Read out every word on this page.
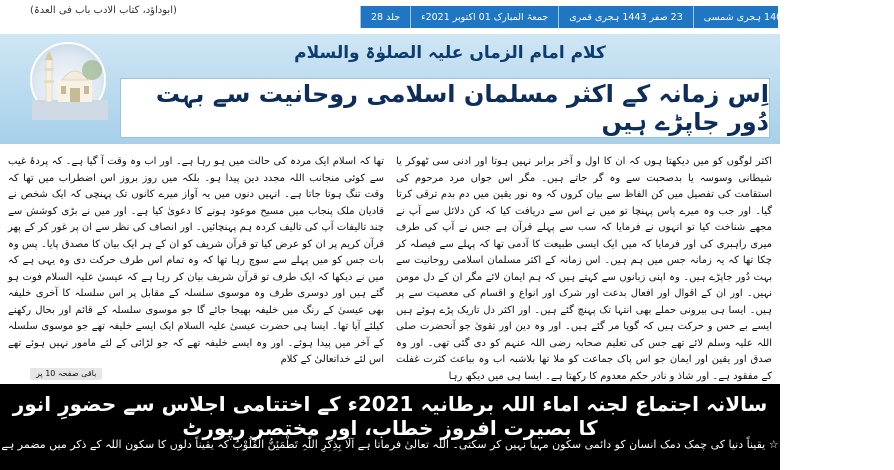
(ابوداؤد، کتاب الادب باب فی العدۃ)
جلد 28	جمعۃ المبارک 01 اکتوبر 2021ء	23 صفر 1443 ہجری قمری	01 اخاء 1400 ہجری شمسی	شمارہ 79
کلام امام الزماں علیہ الصلوٰۃ والسلام
اِس زمانہ کے اکثر مسلمان اسلامی روحانیت سے بہت دُور جاپڑے ہیں
اکثر لوگوں کو میں دیکھتا ہوں کہ ان کا اول و آخر برابر نہیں ہوتا اور ادنی سی ٹھوکر یا شیطانی وسوسہ یا بدصحبت سے وہ گر جاتے ہیں۔ مگر اس جواں مرد مرحوم کی استقامت کی تفصیل میں کن الفاظ سے بیان کروں کہ وہ نور یقین میں دم بدم ترقی کرتا گیا۔ اور جب وہ میرے پاس پہنچا تو میں نے اس سے دریافت کیا کہ کن دلائل سے آپ نے مجھے شناخت کیا تو انہوں نے فرمایا کہ سب سے پہلے قرآن ہے جس نے آپ کی طرف میری راہبری کی اور فرمایا کہ میں ایک ایسی طبیعت کا آدمی تھا کہ پہلے سے فیصلہ کر چکا تھا کہ یہ زمانہ جس میں ہم ہیں۔ اس زمانہ کے اکثر مسلمان اسلامی روحانیت سے بہت دُور جاپڑے ہیں۔ وہ اپنی زبانوں سے کہتے ہیں کہ ہم ایمان لائے مگر ان کے دل مومن نہیں۔ اور ان کے اقوال اور افعال بدعت اور شرک اور انواع و اقسام کی معصیت سے پر ہیں۔ ایسا ہی بیرونی حملے بھی انتہا تک پہنچ گئے ہیں۔ اور اکثر دل تاریک پڑے ہوئے ہیں ایسے بے حس و حرکت ہیں کہ گویا مر گئے ہیں۔ اور وہ دین اور تقویٰ جو آنحضرت صلی اللہ علیہ وسلم لائے تھے جس کی تعلیم صحابہ رضی اللہ عنہم کو دی گئی تھی۔ اور وہ صدق اور یقین اور ایمان جو اس پاک جماعت کو ملا تھا بلاشبہ اب وہ بباعث کثرت غفلت کے مفقود ہے۔ اور شاذ و نادر حکم معدوم کا رکھتا ہے۔ ایسا ہی میں دیکھ رہا
تھا کہ اسلام ایک مردہ کی حالت میں ہو رہا ہے۔ اور اب وہ وقت آ گیا ہے۔ کہ پردۂ غیب سے کوئی منجانب اللہ مجدد دین پیدا ہو۔ بلکہ میں روز بروز اس اضطراب میں تھا کہ وقت تنگ ہوتا جاتا ہے۔ انہیں دنوں میں یہ آواز میرے کانوں تک پہنچی کہ ایک شخص نے قادیان ملک پنجاب میں مسیح موعود ہونے کا دعویٰ کیا ہے۔ اور میں نے بڑی کوشش سے چند تالیفات آپ کی تالیف کردہ ہم پہنچائیں۔ اور انصاف کی نظر سے ان پر غور کر کے پھر قرآن کریم پر ان کو عرض کیا تو قرآن شریف کو ان کے ہر ایک بیان کا مصدق پایا۔ پس وہ بات جس کو میں پہلے سے سوچ رہا تھا کہ وہ تمام اس طرف حرکت دی وہ یہی ہے کہ میں نے دیکھا کہ ایک طرف تو قرآن شریف بیان کر رہا ہے کہ عیسیٰ علیہ السلام فوت ہو گئے ہیں اور دوسری طرف وہ موسوی سلسلہ کے مقابل پر اس سلسلہ کا آخری خلیفہ بھی عیسیٰ کے رنگ میں خلیفہ بھیجا جائے گا جو موسوی سلسلہ کے قائم اور بحال رکھنے کیلئے آیا تھا۔ ایسا ہی حضرت عیسیٰ علیہ السلام ایک ایسے خلیفہ تھے جو موسوی سلسلہ کے آخر میں پیدا ہوئے۔ اور وہ ایسے خلیفہ تھے کہ جو لڑائی کے لئے مامور نہیں ہوئے تھے اس لئے خداتعالیٰ کے کلام
باقی صفحہ 10 پر
سالانہ اجتماع لجنہ اماء اللہ برطانیہ 2021ء کے اختتامی اجلاس سے حضورِ انور کا بصیرت افروز خطاب، اور مختصر رپورٹ
☆ یقیناً دنیا کی چمک دمک انسان کو دائمی سکون مہیا نہیں کر سکتی۔ اللہ تعالیٰ فرماتا ہے اَلَا بِذِکْرِ اللّٰہِ تَطْمَئِنُّ الْقُلُوْبُ کہ یقیناً دلوں کا سکون اللہ کے ذکر میں مضمر ہے
